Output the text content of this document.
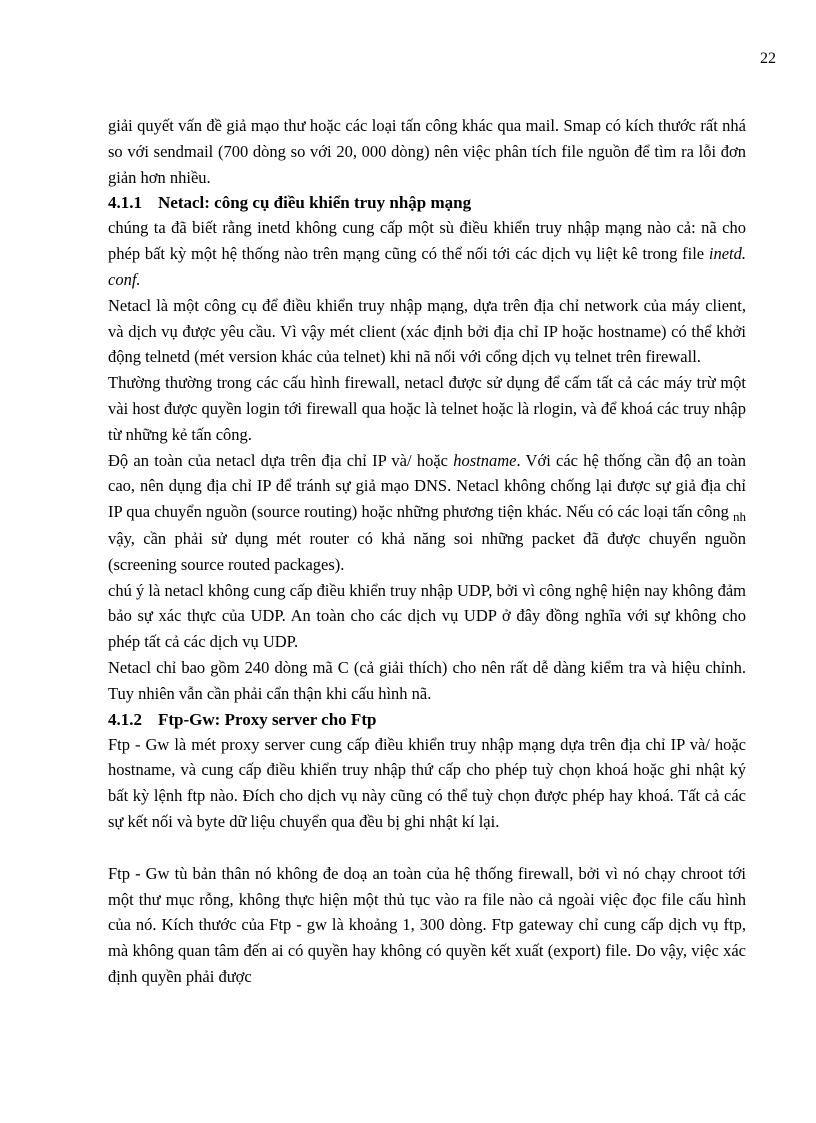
22

giải quyết vấn đề giả mạo thư hoặc các loại tấn công khác qua mail. Smap có kích thước rất nhá so với sendmail (700 dòng so với 20, 000 dòng) nên việc phân tích file nguồn để tìm ra lỗi đơn giản hơn nhiều.

4.1.1 Netacl: công cụ điều khiển truy nhập mạng

chúng ta đã biết rằng inetd không cung cấp một sù điều khiển truy nhập mạng nào cả: nã cho phép bất kỳ một hệ thống nào trên mạng cũng có thể nối tới các dịch vụ liệt kê trong file inetd. conf.

Netacl là một công cụ để điều khiển truy nhập mạng, dựa trên địa chỉ network của máy client, và dịch vụ được yêu cầu. Vì vậy mét client (xác định bởi địa chỉ IP hoặc hostname) có thể khởi động telnetd (mét version khác của telnet) khi nã nối với cổng dịch vụ telnet trên firewall.

Thường thường trong các cấu hình firewall, netacl được sử dụng để cấm tất cả các máy trừ một vài host được quyền login tới firewall qua hoặc là telnet hoặc là rlogin, và để khoá các truy nhập từ những kẻ tấn công.

Độ an toàn của netacl dựa trên địa chỉ IP và/ hoặc hostname. Với các hệ thống cần độ an toàn cao, nên dụng địa chỉ IP để tránh sự giả mạo DNS. Netacl không chống lại được sự giả địa chỉ IP qua chuyển nguồn (source routing) hoặc những phương tiện khác. Nếu có các loại tấn công $_{nh}$ vậy, cần phải sử dụng mét router có khả năng soi những packet đã được chuyển nguồn (screening source routed packages).

chú ý là netacl không cung cấp điều khiển truy nhập UDP, bởi vì công nghệ hiện nay không đảm bảo sự xác thực của UDP. An toàn cho các dịch vụ UDP ở đây đồng nghĩa với sự không cho phép tất cả các dịch vụ UDP.

Netacl chỉ bao gồm 240 dòng mã C (cả giải thích) cho nên rất dễ dàng kiểm tra và hiệu chỉnh. Tuy nhiên vẫn cần phải cẩn thận khi cấu hình nã.

4.1.2 Ftp-Gw: Proxy server cho Ftp

Ftp - Gw là mét proxy server cung cấp điều khiển truy nhập mạng dựa trên địa chỉ IP và/ hoặc hostname, và cung cấp điều khiển truy nhập thứ cấp cho phép tuỳ chọn khoá hoặc ghi nhật ký bất kỳ lệnh ftp nào. Đích cho dịch vụ này cũng có thể tuỳ chọn được phép hay khoá. Tất cả các sự kết nối và byte dữ liệu chuyển qua đều bị ghi nhật kí lại.

Ftp - Gw tù bản thân nó không đe doạ an toàn của hệ thống firewall, bởi vì nó chạy chroot tới một thư mục rỗng, không thực hiện một thủ tục vào ra file nào cả ngoài việc đọc file cấu hình của nó. Kích thước của Ftp - gw là khoảng 1, 300 dòng. Ftp gateway chỉ cung cấp dịch vụ ftp, mà không quan tâm đến ai có quyền hay không có quyền kết xuất (export) file. Do vậy, việc xác định quyền phải được
